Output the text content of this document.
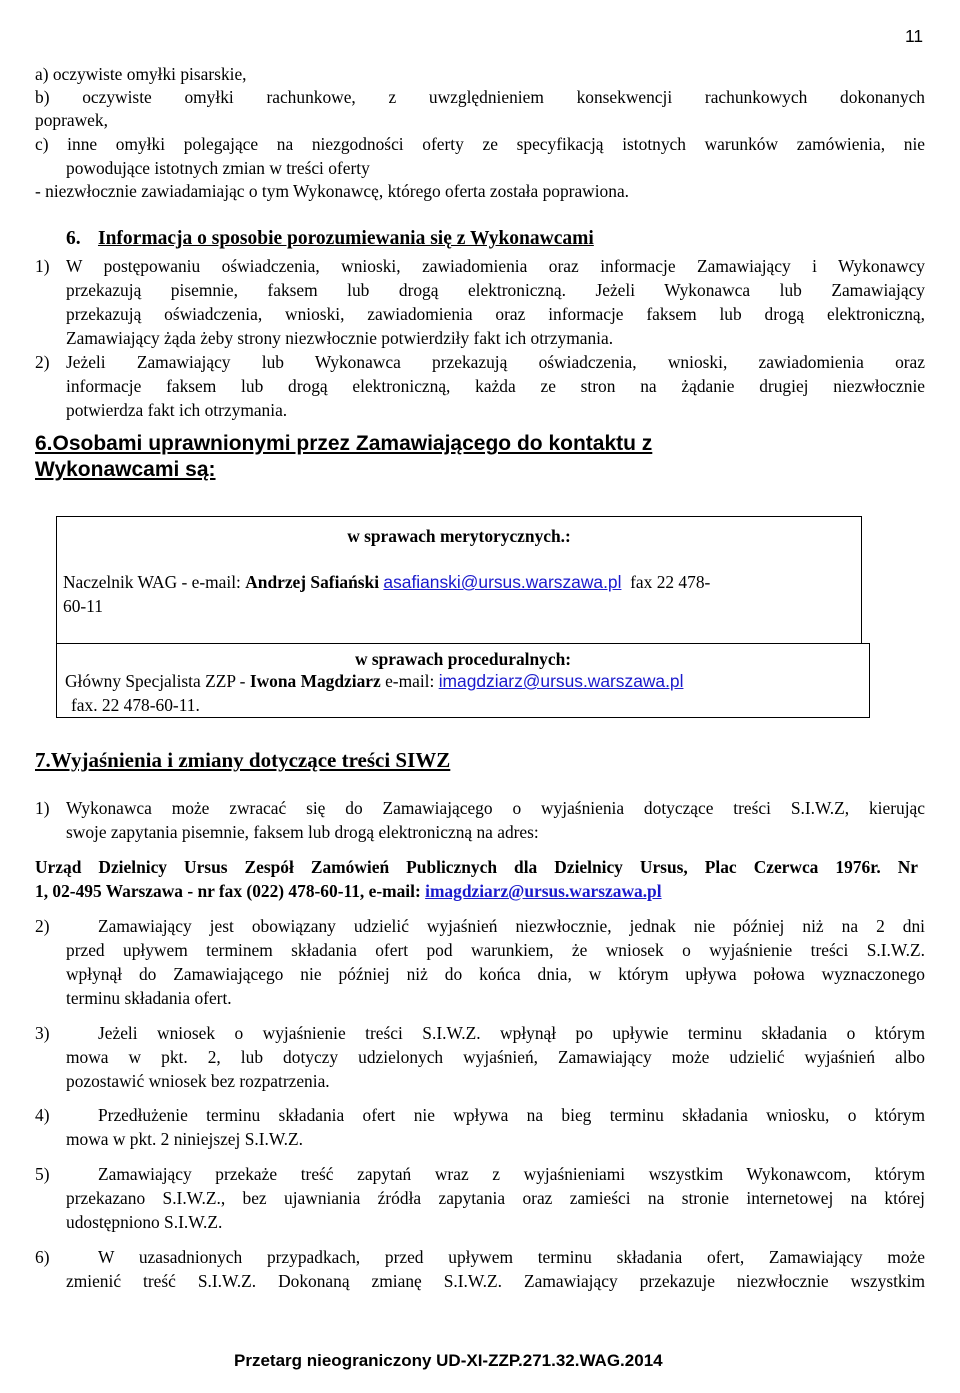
11
a) oczywiste omyłki pisarskie,
b) oczywiste omyłki rachunkowe, z uwzględnieniem konsekwencji rachunkowych dokonanych
poprawek,
c) inne omyłki polegające na niezgodności oferty ze specyfikacją istotnych warunków zamówienia, nie
powodujące istotnych zmian w treści oferty
- niezwłocznie zawiadamiając o tym Wykonawcę, którego oferta została poprawiona.
6. Informacja o sposobie porozumiewania się z Wykonawcami
1) W postępowaniu oświadczenia, wnioski, zawiadomienia oraz informacje Zamawiający i Wykonawcy
przekazują pisemnie, faksem lub drogą elektroniczną. Jeżeli Wykonawca lub Zamawiający
przekazują oświadczenia, wnioski, zawiadomienia oraz informacje faksem lub drogą elektroniczną,
Zamawiający żąda żeby strony niezwłocznie potwierdziły fakt ich otrzymania.
2) Jeżeli Zamawiający lub Wykonawca przekazują oświadczenia, wnioski, zawiadomienia oraz
informacje faksem lub drogą elektroniczną, każda ze stron na żądanie drugiej niezwłocznie
potwierdza fakt ich otrzymania.
6.Osobami uprawnionymi przez Zamawiającego do kontaktu z
Wykonawcami są:
w sprawach merytorycznych.:
Naczelnik WAG - e-mail: Andrzej Safiański asafianski@ursus.warszawa.pl fax 22 478-
60-11
w sprawach proceduralnych:
Główny Specjalista ZZP - Iwona Magdziarz e-mail: imagdziarz@ursus.warszawa.pl
fax. 22 478-60-11.
7.Wyjaśnienia i zmiany dotyczące treści SIWZ
1) Wykonawca może zwracać się do Zamawiającego o wyjaśnienia dotyczące treści S.I.W.Z, kierując
swoje zapytania pisemnie, faksem lub drogą elektroniczną na adres:
Urząd Dzielnicy Ursus Zespół Zamówień Publicznych dla Dzielnicy Ursus, Plac Czerwca 1976r. Nr
1, 02-495 Warszawa - nr fax (022) 478-60-11, e-mail: imagdziarz@ursus.warszawa.pl
2)	Zamawiający jest obowiązany udzielić wyjaśnień niezwłocznie, jednak nie później niż na 2 dni
przed upływem terminem składania ofert pod warunkiem, że wniosek o wyjaśnienie treści S.I.W.Z.
wpłynął do Zamawiającego nie później niż do końca dnia, w którym upływa połowa wyznaczonego
terminu składania ofert.
3)	Jeżeli wniosek o wyjaśnienie treści S.I.W.Z. wpłynął po upływie terminu składania o którym
mowa w pkt. 2, lub dotyczy udzielonych wyjaśnień, Zamawiający może udzielić wyjaśnień albo
pozostawić wniosek bez rozpatrzenia.
4)	Przedłużenie terminu składania ofert nie wpływa na bieg terminu składania wniosku, o którym
mowa w pkt. 2 niniejszej S.I.W.Z.
5)	Zamawiający przekaże treść zapytań wraz z wyjaśnieniami wszystkim Wykonawcom, którym
przekazano S.I.W.Z., bez ujawniania źródła zapytania oraz zamieści na stronie internetowej na której
udostępniono S.I.W.Z.
6)	W uzasadnionych przypadkach, przed upływem terminu składania ofert, Zamawiający może
zmienić treść S.I.W.Z. Dokonaną zmianę S.I.W.Z. Zamawiający przekazuje niezwłocznie wszystkim
Przetarg nieograniczony UD-XI-ZZP.271.32.WAG.2014
